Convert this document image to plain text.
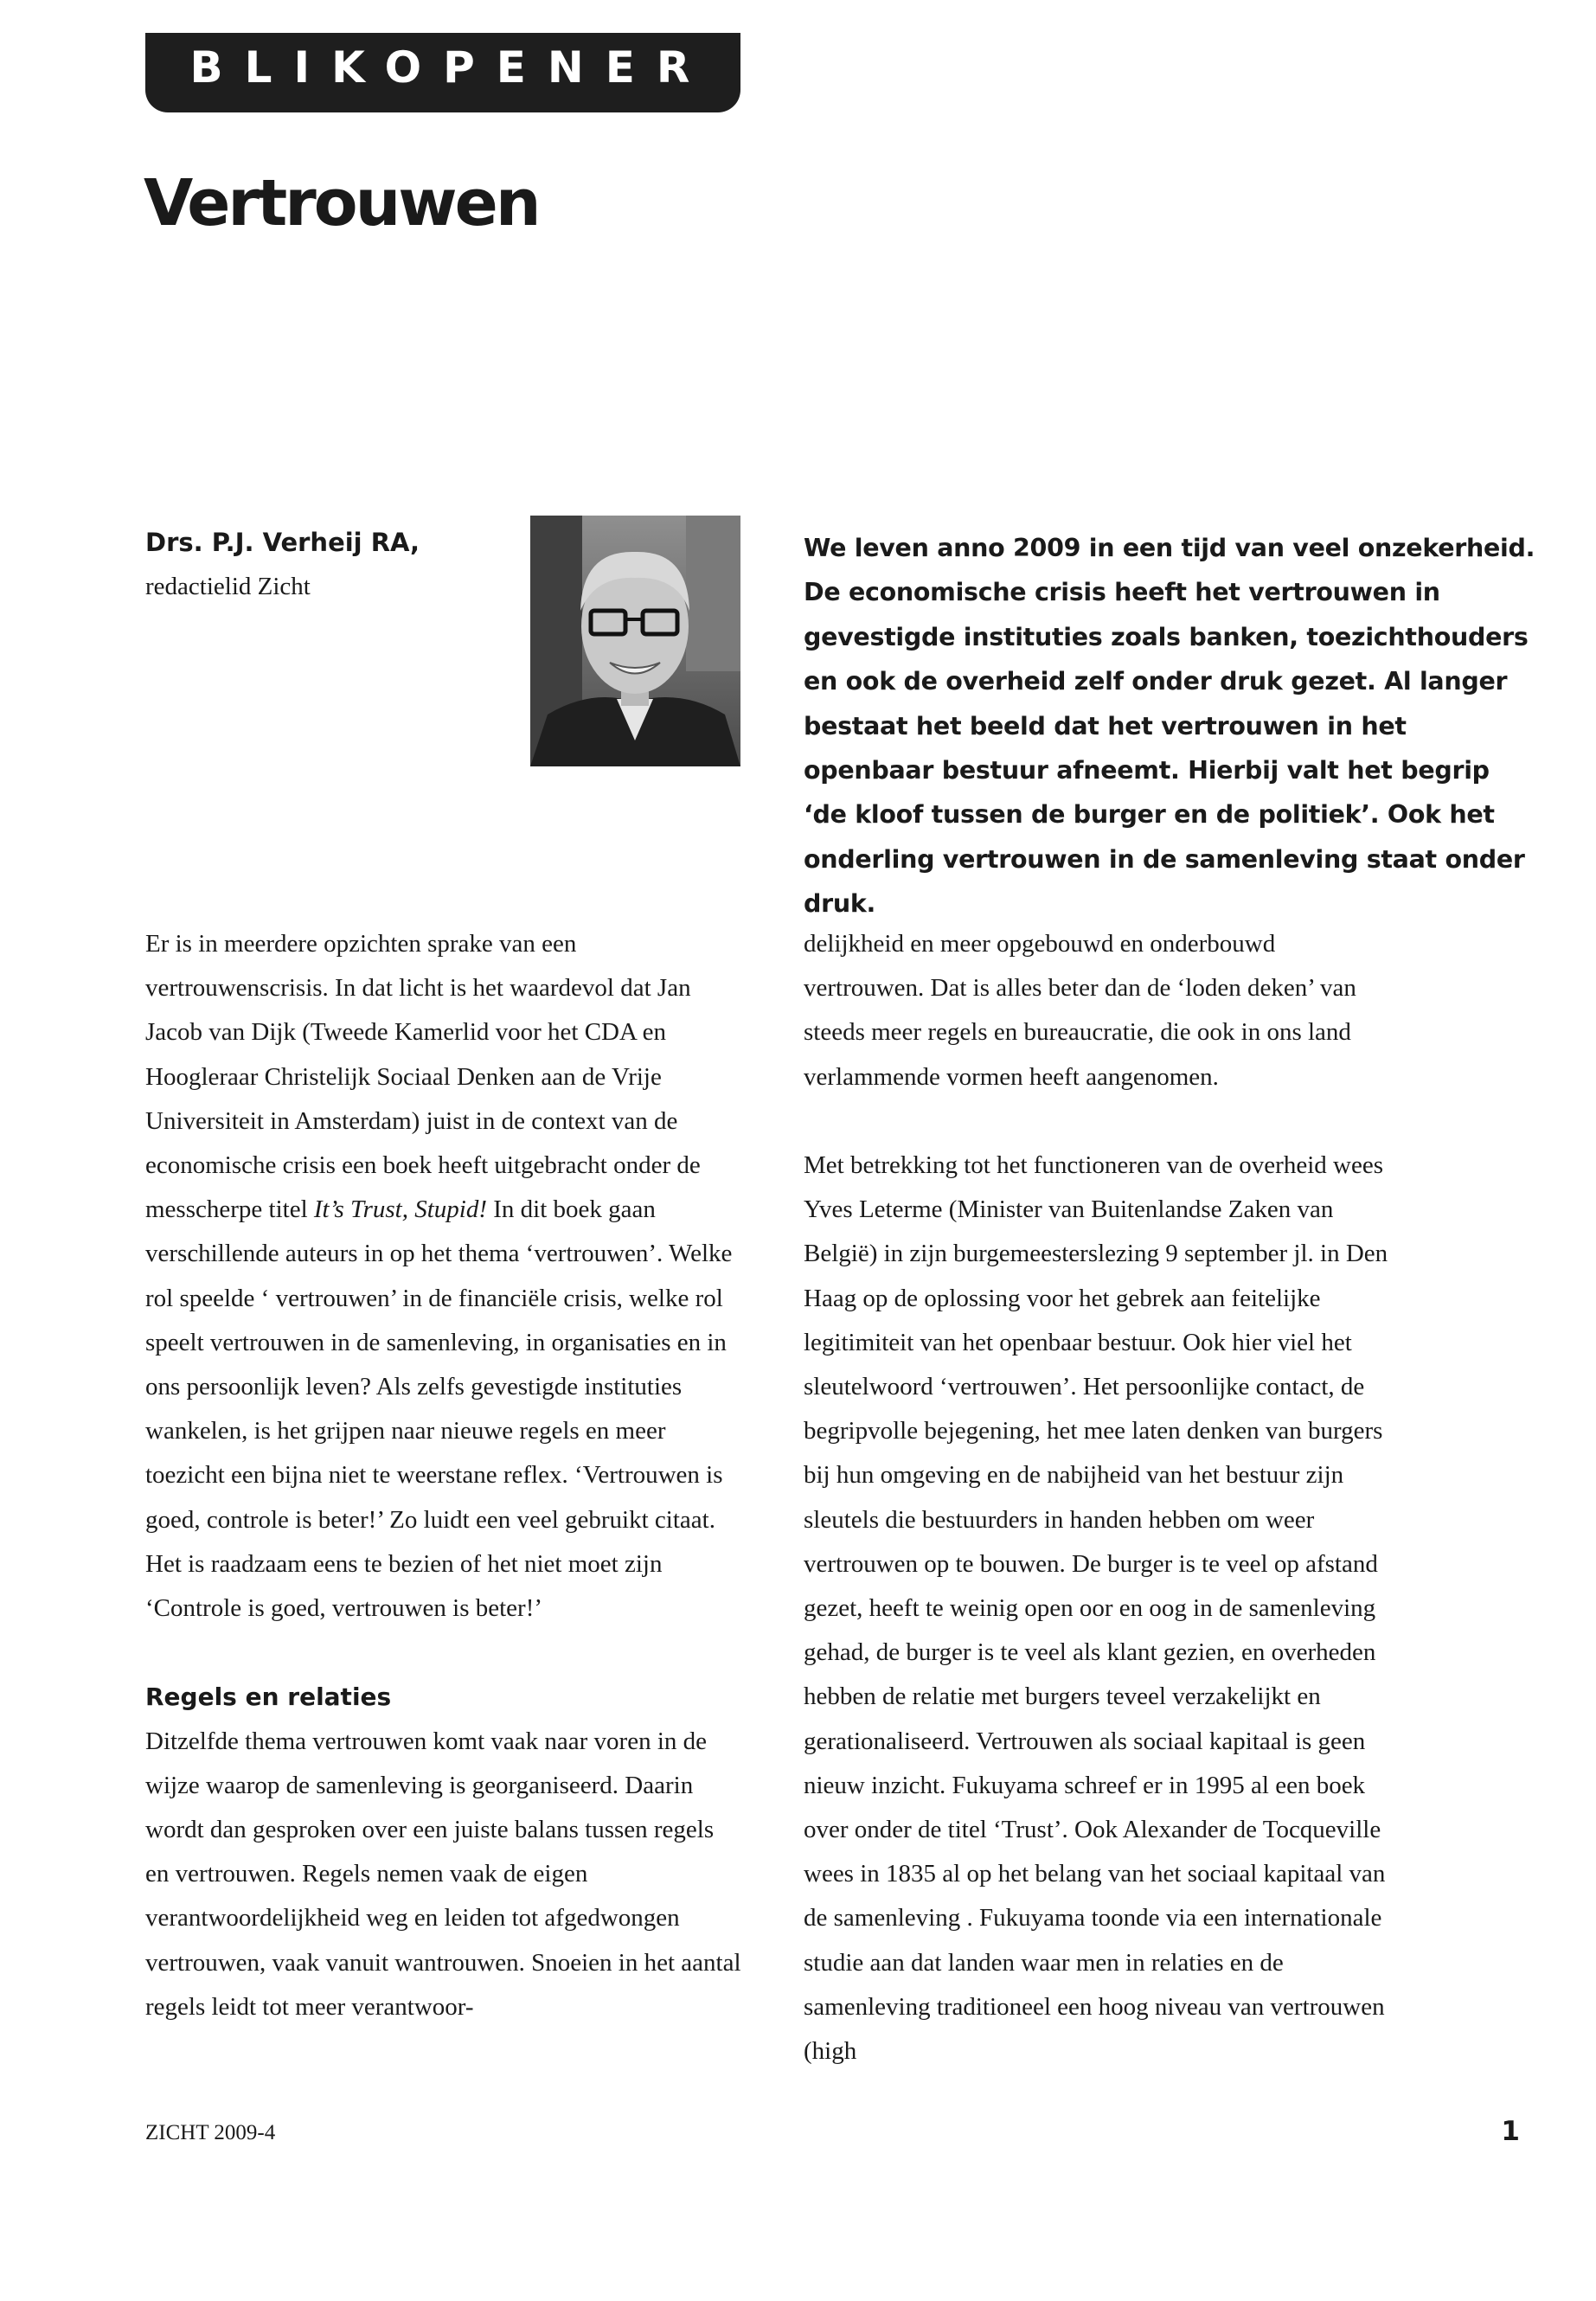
BLIKOPENER
Vertrouwen
Drs. P.J. Verheij RA,
redactielid Zicht

We leven anno 2009 in een tijd van veel onzekerheid. De economische crisis heeft het vertrouwen in gevestigde instituties zoals banken, toezichthouders en ook de overheid zelf onder druk gezet. Al langer bestaat het beeld dat het vertrouwen in het openbaar bestuur afneemt. Hierbij valt het begrip ‘de kloof tussen de burger en de politiek’. Ook het onderling vertrouwen in de samenleving staat onder druk.

Er is in meerdere opzichten sprake van een vertrouwenscrisis. In dat licht is het waardevol dat Jan Jacob van Dijk (Tweede Kamerlid voor het CDA en Hoogleraar Christelijk Sociaal Denken aan de Vrije Universiteit in Amsterdam) juist in de context van de economische crisis een boek heeft uitgebracht onder de messcherpe titel It’s Trust, Stupid! In dit boek gaan verschillende auteurs in op het thema ‘vertrouwen’. Welke rol speelde ‘ vertrouwen’ in de financiële crisis, welke rol speelt vertrouwen in de samenleving, in organisaties en in ons persoonlijk leven? Als zelfs gevestigde instituties wankelen, is het grijpen naar nieuwe regels en meer toezicht een bijna niet te weerstane reflex. ‘Vertrouwen is goed, controle is beter!’ Zo luidt een veel gebruikt citaat. Het is raadzaam eens te bezien of het niet moet zijn ‘Controle is goed, vertrouwen is beter!’

Regels en relaties

Ditzelfde thema vertrouwen komt vaak naar voren in de wijze waarop de samenleving is georganiseerd. Daarin wordt dan gesproken over een juiste balans tussen regels en vertrouwen. Regels nemen vaak de eigen verantwoordelijkheid weg en leiden tot afgedwongen vertrouwen, vaak vanuit wantrouwen. Snoeien in het aantal regels leidt tot meer verantwoor-

delijkheid en meer opgebouwd en onderbouwd vertrouwen. Dat is alles beter dan de ‘loden deken’ van steeds meer regels en bureaucratie, die ook in ons land verlammende vormen heeft aangenomen.

Met betrekking tot het functioneren van de overheid wees Yves Leterme (Minister van Buitenlandse Zaken van België) in zijn burgemeesterslezing 9 september jl. in Den Haag op de oplossing voor het gebrek aan feitelijke legitimiteit van het openbaar bestuur. Ook hier viel het sleutelwoord ‘vertrouwen’. Het persoonlijke contact, de begripvolle bejegening, het mee laten denken van burgers bij hun omgeving en de nabijheid van het bestuur zijn sleutels die bestuurders in handen hebben om weer vertrouwen op te bouwen. De burger is te veel op afstand gezet, heeft te weinig open oor en oog in de samenleving gehad, de burger is te veel als klant gezien, en overheden hebben de relatie met burgers teveel verzakelijkt en gerationaliseerd. Vertrouwen als sociaal kapitaal is geen nieuw inzicht. Fukuyama schreef er in 1995 al een boek over onder de titel ‘Trust’. Ook Alexander de Tocqueville wees in 1835 al op het belang van het sociaal kapitaal van de samenleving . Fukuyama toonde via een internationale studie aan dat landen waar men in relaties en de samenleving traditioneel een hoog niveau van vertrouwen (high

ZICHT 2009-4	1
